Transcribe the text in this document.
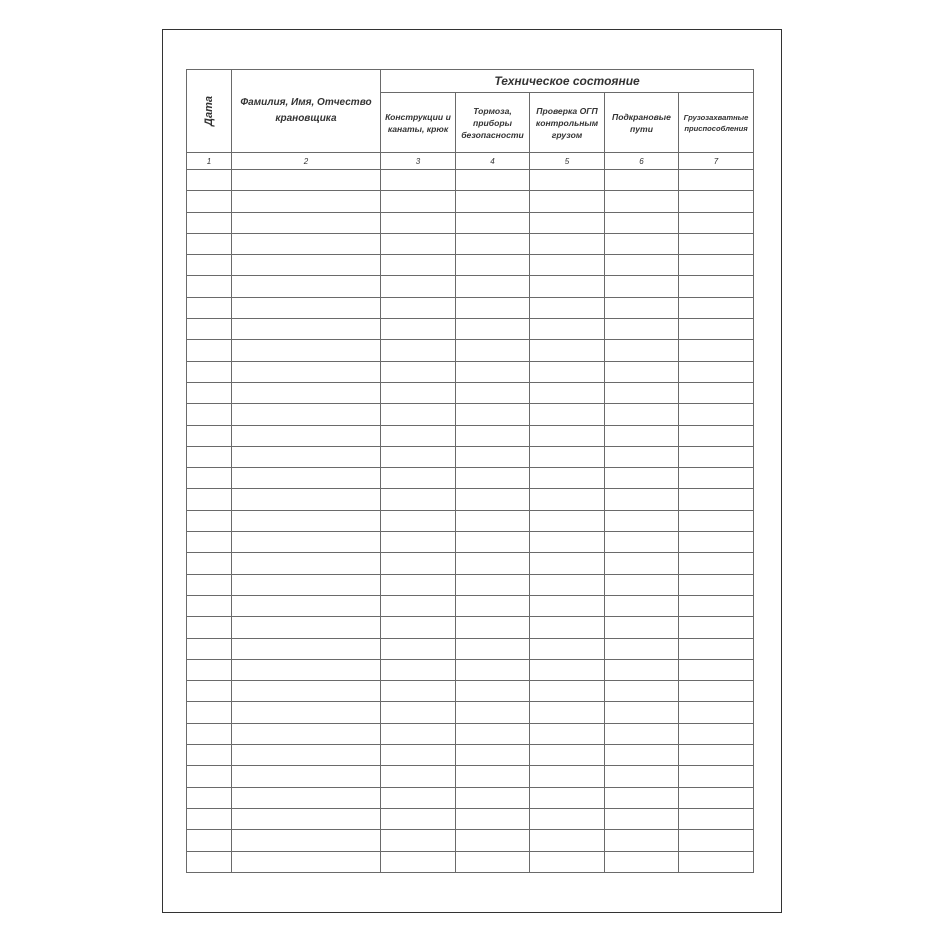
Дата	Фамилия, Имя, Отчество крановщика	Техническое состояние				
		Конструкции и канаты, крюк	Тормоза, приборы безопасности	Проверка ОГП контрольным грузом	Подкрановые пути	Грузозахватные приспособления
1	2	3	4	5	6	7
